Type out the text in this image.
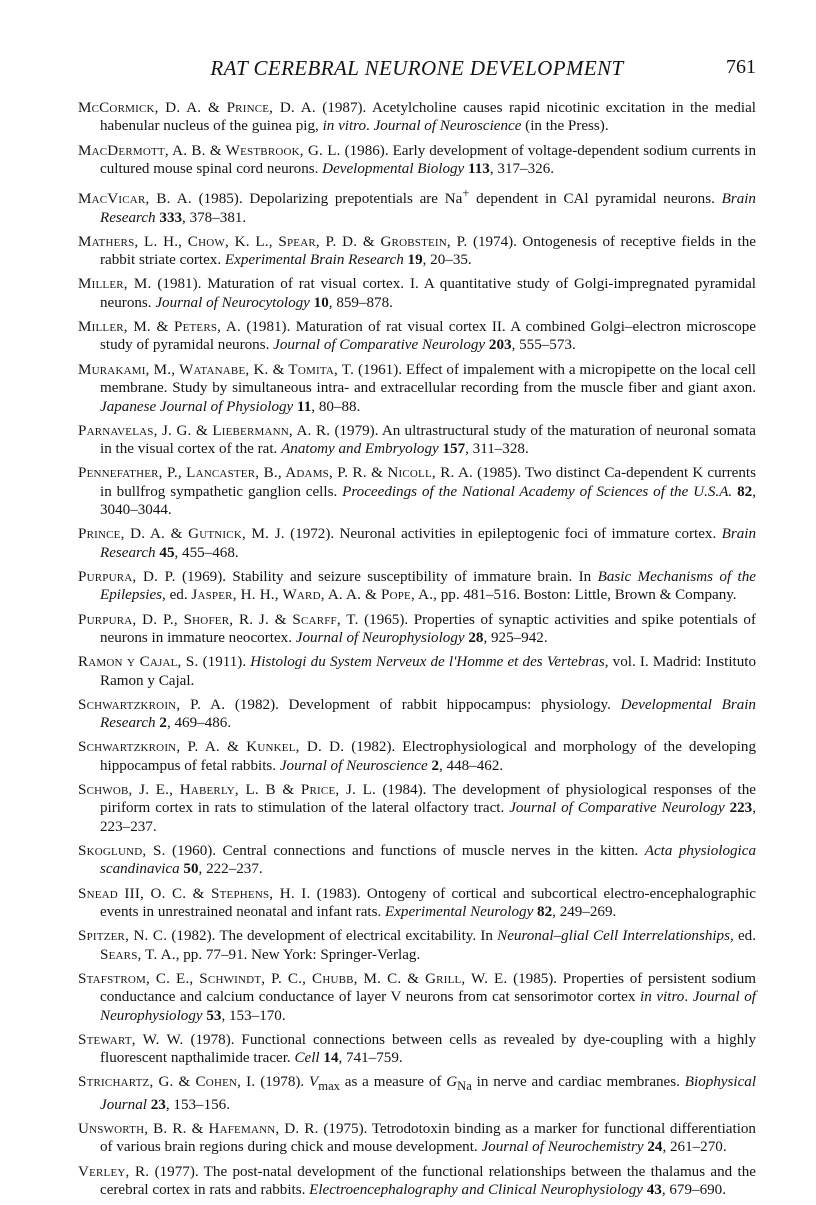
RAT CEREBRAL NEURONE DEVELOPMENT	761
McCormick, D. A. & Prince, D. A. (1987). Acetylcholine causes rapid nicotinic excitation in the medial habenular nucleus of the guinea pig, in vitro. Journal of Neuroscience (in the Press).
MacDermott, A. B. & Westbrook, G. L. (1986). Early development of voltage-dependent sodium currents in cultured mouse spinal cord neurons. Developmental Biology 113, 317–326.
MacVicar, B. A. (1985). Depolarizing prepotentials are Na+ dependent in CAl pyramidal neurons. Brain Research 333, 378–381.
Mathers, L. H., Chow, K. L., Spear, P. D. & Grobstein, P. (1974). Ontogenesis of receptive fields in the rabbit striate cortex. Experimental Brain Research 19, 20–35.
Miller, M. (1981). Maturation of rat visual cortex. I. A quantitative study of Golgi-impregnated pyramidal neurons. Journal of Neurocytology 10, 859–878.
Miller, M. & Peters, A. (1981). Maturation of rat visual cortex II. A combined Golgi–electron microscope study of pyramidal neurons. Journal of Comparative Neurology 203, 555–573.
Murakami, M., Watanabe, K. & Tomita, T. (1961). Effect of impalement with a micropipette on the local cell membrane. Study by simultaneous intra- and extracellular recording from the muscle fiber and giant axon. Japanese Journal of Physiology 11, 80–88.
Parnavelas, J. G. & Liebermann, A. R. (1979). An ultrastructural study of the maturation of neuronal somata in the visual cortex of the rat. Anatomy and Embryology 157, 311–328.
Pennefather, P., Lancaster, B., Adams, P. R. & Nicoll, R. A. (1985). Two distinct Ca-dependent K currents in bullfrog sympathetic ganglion cells. Proceedings of the National Academy of Sciences of the U.S.A. 82, 3040–3044.
Prince, D. A. & Gutnick, M. J. (1972). Neuronal activities in epileptogenic foci of immature cortex. Brain Research 45, 455–468.
Purpura, D. P. (1969). Stability and seizure susceptibility of immature brain. In Basic Mechanisms of the Epilepsies, ed. Jasper, H. H., Ward, A. A. & Pope, A., pp. 481–516. Boston: Little, Brown & Company.
Purpura, D. P., Shofer, R. J. & Scarff, T. (1965). Properties of synaptic activities and spike potentials of neurons in immature neocortex. Journal of Neurophysiology 28, 925–942.
Ramon y Cajal, S. (1911). Histologi du System Nerveux de l'Homme et des Vertebras, vol. I. Madrid: Instituto Ramon y Cajal.
Schwartzkroin, P. A. (1982). Development of rabbit hippocampus: physiology. Developmental Brain Research 2, 469–486.
Schwartzkroin, P. A. & Kunkel, D. D. (1982). Electrophysiological and morphology of the developing hippocampus of fetal rabbits. Journal of Neuroscience 2, 448–462.
Schwob, J. E., Haberly, L. B & Price, J. L. (1984). The development of physiological responses of the piriform cortex in rats to stimulation of the lateral olfactory tract. Journal of Comparative Neurology 223, 223–237.
Skoglund, S. (1960). Central connections and functions of muscle nerves in the kitten. Acta physiologica scandinavica 50, 222–237.
Snead III, O. C. & Stephens, H. I. (1983). Ontogeny of cortical and subcortical electro-encephalographic events in unrestrained neonatal and infant rats. Experimental Neurology 82, 249–269.
Spitzer, N. C. (1982). The development of electrical excitability. In Neuronal–glial Cell Interrelationships, ed. Sears, T. A., pp. 77–91. New York: Springer-Verlag.
Stafstrom, C. E., Schwindt, P. C., Chubb, M. C. & Grill, W. E. (1985). Properties of persistent sodium conductance and calcium conductance of layer V neurons from cat sensorimotor cortex in vitro. Journal of Neurophysiology 53, 153–170.
Stewart, W. W. (1978). Functional connections between cells as revealed by dye-coupling with a highly fluorescent napthalimide tracer. Cell 14, 741–759.
Strichartz, G. & Cohen, I. (1978). $V_{max}$ as a measure of $G_{Na}$ in nerve and cardiac membranes. Biophysical Journal 23, 153–156.
Unsworth, B. R. & Hafemann, D. R. (1975). Tetrodotoxin binding as a marker for functional differentiation of various brain regions during chick and mouse development. Journal of Neurochemistry 24, 261–270.
Verley, R. (1977). The post-natal development of the functional relationships between the thalamus and the cerebral cortex in rats and rabbits. Electroencephalography and Clinical Neurophysiology 43, 679–690.
